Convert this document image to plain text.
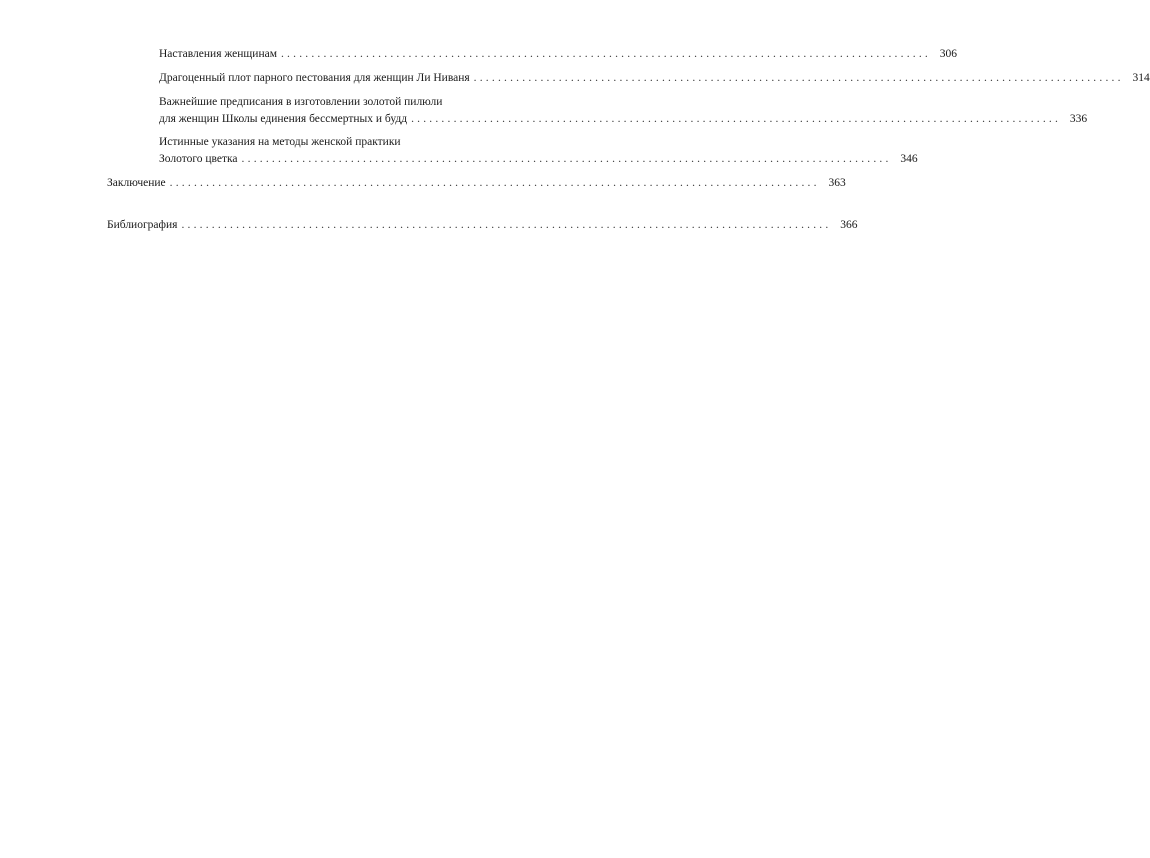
Наставления женщинам ........................................................................................................... 306
Драгоценный плот парного пестования для женщин Ли Ниваня ........................................................................................................... 314
Важнейшие предписания в изготовлении золотой пилюли
для женщин Школы единения бессмертных и будд ........................................................................................................... 336
Истинные указания на методы женской практики
Золотого цветка ........................................................................................................... 346
Заключение ........................................................................................................... 363
Библиография ........................................................................................................... 366
